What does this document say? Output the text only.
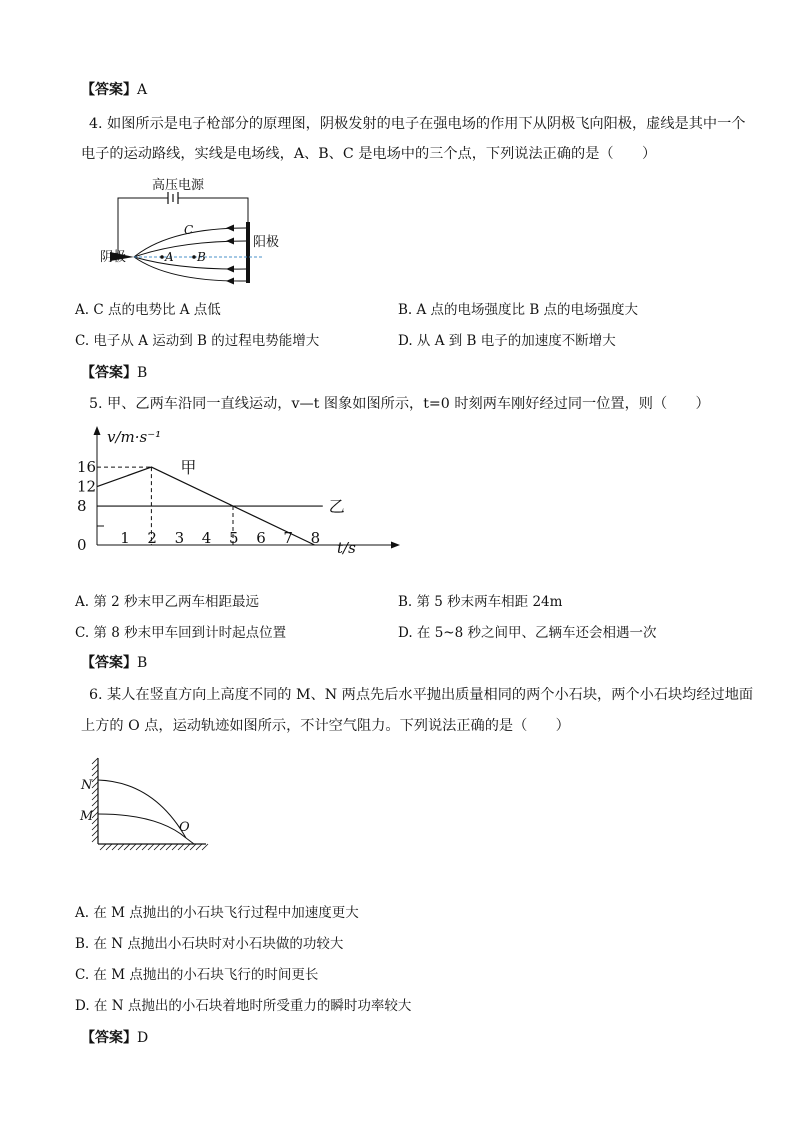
【答案】A
4. 如图所示是电子枪部分的原理图，阴极发射的电子在强电场的作用下从阴极飞向阳极，虚线是其中一个
电子的运动路线，实线是电场线，A、B、C 是电场中的三个点，下列说法正确的是（　　）
高压电源
阴极
阳极
A B
C
A. C 点的电势比 A 点低	B. A 点的电场强度比 B 点的电场强度大
C. 电子从 A 运动到 B 的过程电势能增大	D. 从 A 到 B 电子的加速度不断增大
【答案】B
5. 甲、乙两车沿同一直线运动，v—t 图象如图所示，t=0 时刻两车刚好经过同一位置，则（　　）
v/m·s⁻¹
t/s
1 2 3 4 5 6 7 8
0
8
12
16	甲
乙
A. 第 2 秒末甲乙两车相距最远	B. 第 5 秒末两车相距 24m
C. 第 8 秒末甲车回到计时起点位置	D. 在 5~8 秒之间甲、乙辆车还会相遇一次
【答案】B
6. 某人在竖直方向上高度不同的 M、N 两点先后水平抛出质量相同的两个小石块，两个小石块均经过地面
上方的 O 点，运动轨迹如图所示，不计空气阻力。下列说法正确的是（　　）
N
M
O
A. 在 M 点抛出的小石块飞行过程中加速度更大
B. 在 N 点抛出小石块时对小石块做的功较大
C. 在 M 点抛出的小石块飞行的时间更长
D. 在 N 点抛出的小石块着地时所受重力的瞬时功率较大
【答案】D
